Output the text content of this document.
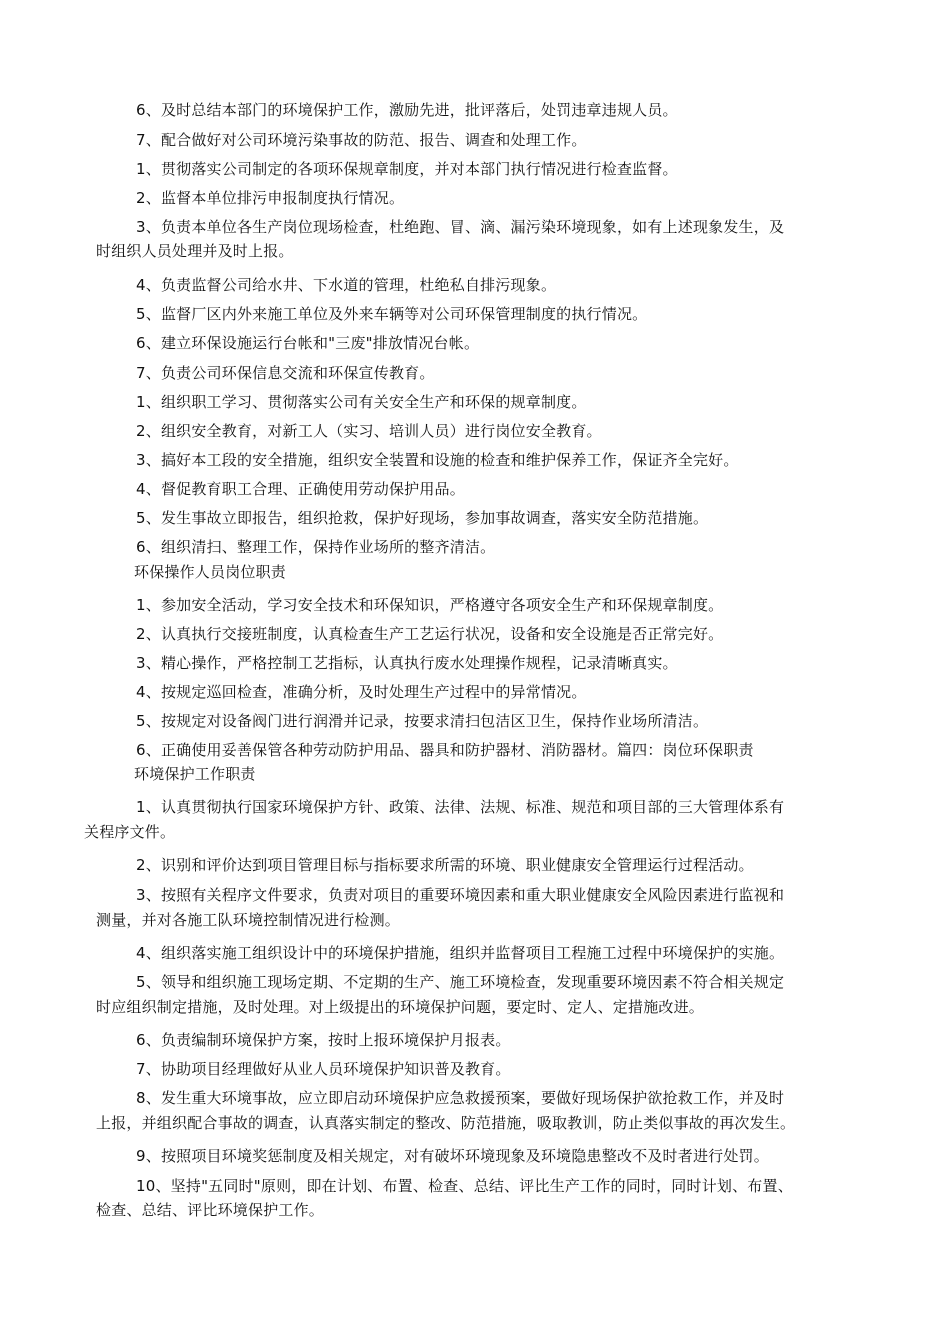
6、及时总结本部门的环境保护工作，激励先进，批评落后，处罚违章违规人员。
7、配合做好对公司环境污染事故的防范、报告、调查和处理工作。
1、贯彻落实公司制定的各项环保规章制度，并对本部门执行情况进行检查监督。
2、监督本单位排污申报制度执行情况。
3、负责本单位各生产岗位现场检查，杜绝跑、冒、滴、漏污染环境现象，如有上述现象发生，及
时组织人员处理并及时上报。
4、负责监督公司给水井、下水道的管理，杜绝私自排污现象。
5、监督厂区内外来施工单位及外来车辆等对公司环保管理制度的执行情况。
6、建立环保设施运行台帐和"三废"排放情况台帐。
7、负责公司环保信息交流和环保宣传教育。
1、组织职工学习、贯彻落实公司有关安全生产和环保的规章制度。
2、组织安全教育，对新工人（实习、培训人员）进行岗位安全教育。
3、搞好本工段的安全措施，组织安全装置和设施的检查和维护保养工作，保证齐全完好。
4、督促教育职工合理、正确使用劳动保护用品。
5、发生事故立即报告，组织抢救，保护好现场，参加事故调查，落实安全防范措施。
6、组织清扫、整理工作，保持作业场所的整齐清洁。
环保操作人员岗位职责
1、参加安全活动，学习安全技术和环保知识，严格遵守各项安全生产和环保规章制度。
2、认真执行交接班制度，认真检查生产工艺运行状况，设备和安全设施是否正常完好。
3、精心操作，严格控制工艺指标，认真执行废水处理操作规程，记录清晰真实。
4、按规定巡回检查，准确分析，及时处理生产过程中的异常情况。
5、按规定对设备阀门进行润滑并记录，按要求清扫包洁区卫生，保持作业场所清洁。
6、正确使用妥善保管各种劳动防护用品、器具和防护器材、消防器材。篇四：岗位环保职责
环境保护工作职责
1、认真贯彻执行国家环境保护方针、政策、法律、法规、标准、规范和项目部的三大管理体系有
关程序文件。
2、识别和评价达到项目管理目标与指标要求所需的环境、职业健康安全管理运行过程活动。
3、按照有关程序文件要求，负责对项目的重要环境因素和重大职业健康安全风险因素进行监视和
测量，并对各施工队环境控制情况进行检测。
4、组织落实施工组织设计中的环境保护措施，组织并监督项目工程施工过程中环境保护的实施。
5、领导和组织施工现场定期、不定期的生产、施工环境检查，发现重要环境因素不符合相关规定
时应组织制定措施，及时处理。对上级提出的环境保护问题，要定时、定人、定措施改进。
6、负责编制环境保护方案，按时上报环境保护月报表。
7、协助项目经理做好从业人员环境保护知识普及教育。
8、发生重大环境事故，应立即启动环境保护应急救援预案，要做好现场保护欲抢救工作，并及时
上报，并组织配合事故的调查，认真落实制定的整改、防范措施，吸取教训，防止类似事故的再次发生。
9、按照项目环境奖惩制度及相关规定，对有破坏环境现象及环境隐患整改不及时者进行处罚。
10、坚持"五同时"原则，即在计划、布置、检查、总结、评比生产工作的同时，同时计划、布置、
检查、总结、评比环境保护工作。
